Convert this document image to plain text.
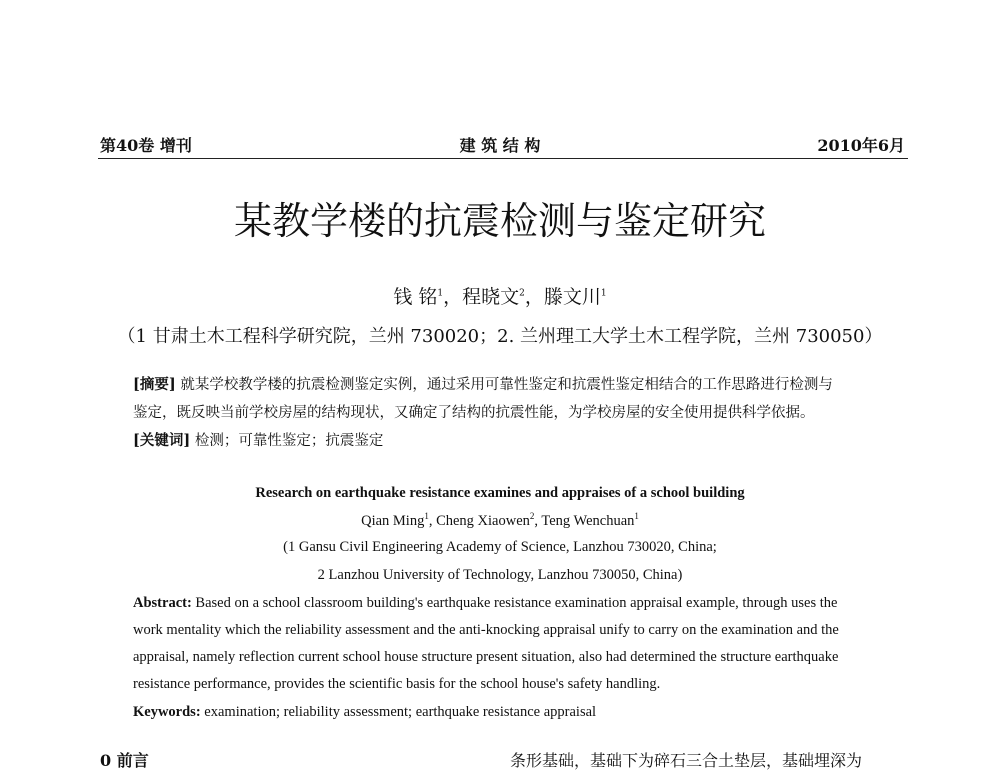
第40卷 增刊	建 筑 结 构	2010年6月
某教学楼的抗震检测与鉴定研究
钱 铭$^1$，程晓文$^2$，滕文川$^1$
（1 甘肃土木工程科学研究院，兰州 730020；2. 兰州理工大学土木工程学院，兰州 730050）
[摘要] 就某学校教学楼的抗震检测鉴定实例，通过采用可靠性鉴定和抗震性鉴定相结合的工作思路进行检测与
鉴定，既反映当前学校房屋的结构现状，又确定了结构的抗震性能，为学校房屋的安全使用提供科学依据。
[关键词] 检测；可靠性鉴定；抗震鉴定
Research on earthquake resistance examines and appraises of a school building
Qian Ming$^1$, Cheng Xiaowen$^2$, Teng Wenchuan$^1$
(1 Gansu Civil Engineering Academy of Science, Lanzhou 730020, China;
2 Lanzhou University of Technology, Lanzhou 730050, China)
Abstract: Based on a school classroom building's earthquake resistance examination appraisal example, through uses the
work mentality which the reliability assessment and the anti-knocking appraisal unify to carry on the examination and the
appraisal, namely reflection current school house structure present situation, also had determined the structure earthquake
resistance performance, provides the scientific basis for the school house's safety handling.
Keywords: examination; reliability assessment; earthquake resistance appraisal
0 前言	条形基础，基础下为碎石三合土垫层，基础埋深为
